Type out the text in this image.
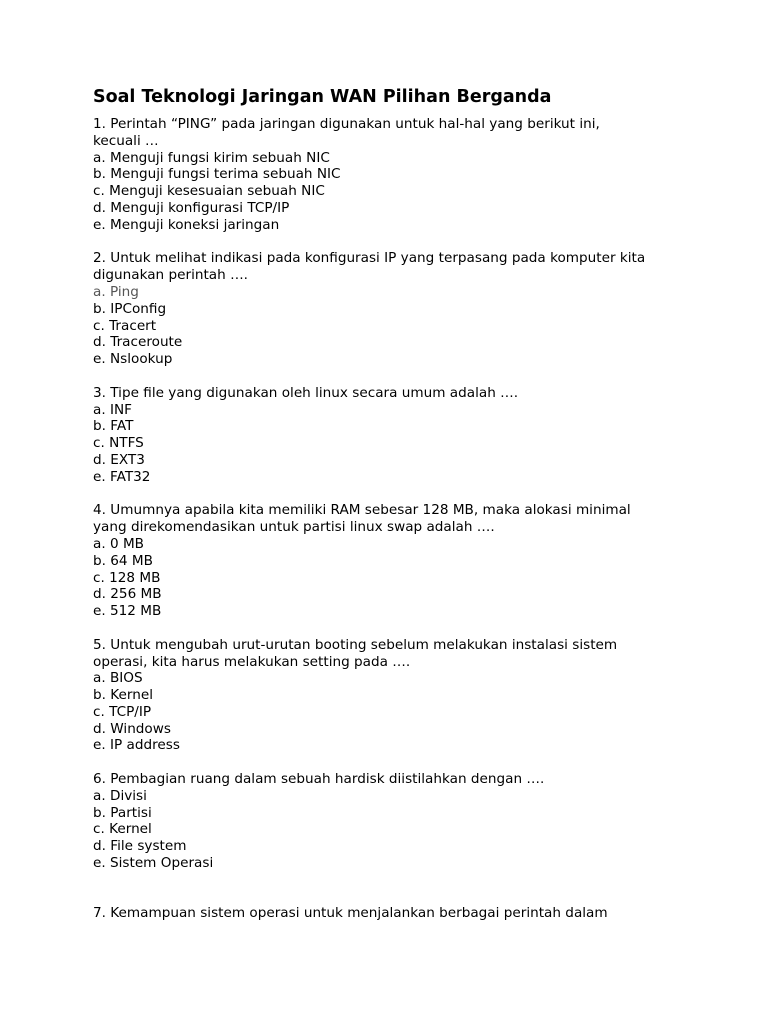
Soal Teknologi Jaringan WAN Pilihan Berganda
1. Perintah “PING” pada jaringan digunakan untuk hal-hal yang berikut ini,
kecuali …
a. Menguji fungsi kirim sebuah NIC
b. Menguji fungsi terima sebuah NIC
c. Menguji kesesuaian sebuah NIC
d. Menguji konfigurasi TCP/IP
e. Menguji koneksi jaringan
2. Untuk melihat indikasi pada konfigurasi IP yang terpasang pada komputer kita
digunakan perintah ….
a. Ping
b. IPConfig
c. Tracert
d. Traceroute
e. Nslookup
3. Tipe file yang digunakan oleh linux secara umum adalah ….
a. INF
b. FAT
c. NTFS
d. EXT3
e. FAT32
4. Umumnya apabila kita memiliki RAM sebesar 128 MB, maka alokasi minimal
yang direkomendasikan untuk partisi linux swap adalah ….
a. 0 MB
b. 64 MB
c. 128 MB
d. 256 MB
e. 512 MB
5. Untuk mengubah urut-urutan booting sebelum melakukan instalasi sistem
operasi, kita harus melakukan setting pada ….
a. BIOS
b. Kernel
c. TCP/IP
d. Windows
e. IP address
6. Pembagian ruang dalam sebuah hardisk diistilahkan dengan ….
a. Divisi
b. Partisi
c. Kernel
d. File system
e. Sistem Operasi
7. Kemampuan sistem operasi untuk menjalankan berbagai perintah dalam
